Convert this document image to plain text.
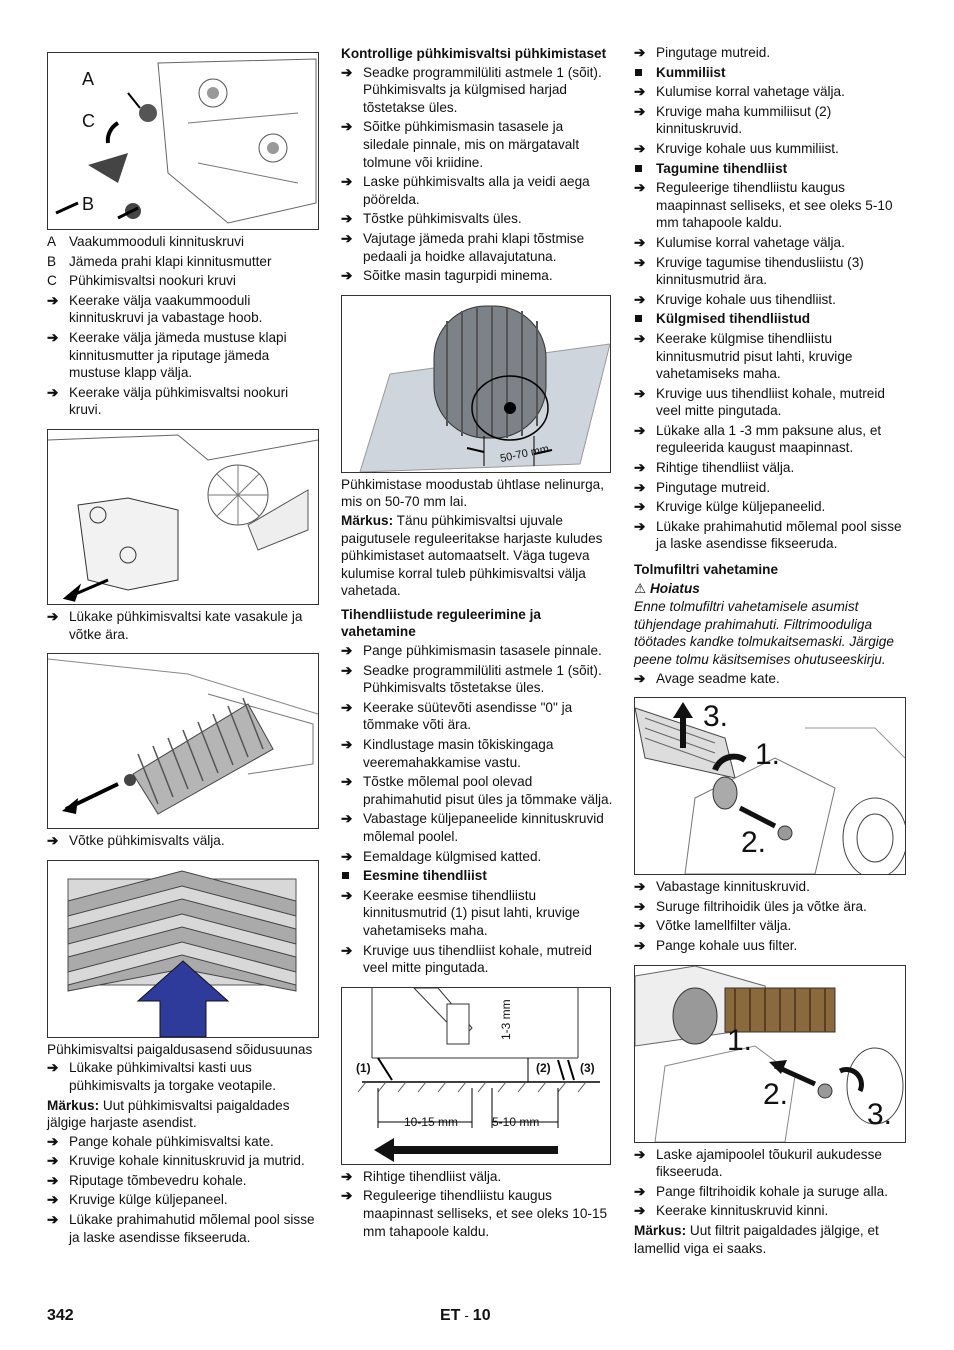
A
C
B
A Vaakummooduli kinnituskruvi
B Jämeda prahi klapi kinnitusmutter
C Pühkimisvaltsi nookuri kruvi
➔ Keerake välja vaakummooduli kinnituskruvi ja vabastage hoob.
➔ Keerake välja jämeda mustuse klapi kinnitusmutter ja riputage jämeda mustuse klapp välja.
➔ Keerake välja pühkimisvaltsi nookuri kruvi.
➔ Lükake pühkimisvaltsi kate vasakule ja võtke ära.
➔ Võtke pühkimisvalts välja.
Pühkimisvaltsi paigaldusasend sõidusuunas
➔ Lükake pühkimivaltsi kasti uus pühkimisvalts ja torgake veotapile.
Märkus: Uut pühkimisvaltsi paigaldades jälgige harjaste asendist.
➔ Pange kohale pühkimisvaltsi kate.
➔ Kruvige kohale kinnituskruvid ja mutrid.
➔ Riputage tõmbevedru kohale.
➔ Kruvige külge küljepaneel.
➔ Lükake prahimahutid mõlemal pool sisse ja laske asendisse fikseeruda.
Kontrollige pühkimisvaltsi pühkimistaset
➔ Seadke programmilüliti astmele 1 (sõit). Pühkimisvalts ja külgmised harjad tõstetakse üles.
➔ Sõitke pühkimismasin tasasele ja siledale pinnale, mis on märgatavalt tolmune või kriidine.
➔ Laske pühkimisvalts alla ja veidi aega pöörelda.
➔ Tõstke pühkimisvalts üles.
➔ Vajutage jämeda prahi klapi tõstmise pedaali ja hoidke allavajutatuna.
➔ Sõitke masin tagurpidi minema.
50-70 mm
Pühkimistase moodustab ühtlase nelinurga, mis on 50-70 mm lai.
Märkus: Tänu pühkimisvaltsi ujuvale paigutusele reguleeritakse harjaste kuludes pühkimistaset automaatselt. Väga tugeva kulumise korral tuleb pühkimisvaltsi välja vahetada.
Tihendliistude reguleerimine ja vahetamine
➔ Pange pühkimismasin tasasele pinnale.
➔ Seadke programmilüliti astmele 1 (sõit). Pühkimisvalts tõstetakse üles.
➔ Keerake süütevõti asendisse "0" ja tõmmake võti ära.
➔ Kindlustage masin tõkiskingaga veeremahakkamise vastu.
➔ Tõstke mõlemal pool olevad prahimahutid pisut üles ja tõmmake välja.
➔ Vabastage küljepaneelide kinnituskruvid mõlemal poolel.
➔ Eemaldage külgmised katted.
Eesmine tihendliist
➔ Keerake eesmise tihendliistu kinnitusmutrid (1) pisut lahti, kruvige vahetamiseks maha.
➔ Kruvige uus tihendliist kohale, mutreid veel mitte pingutada.
(1)	(2) (3)
1-3 mm
10-15 mm	5-10 mm
➔ Rihtige tihendliist välja.
➔ Reguleerige tihendliistu kaugus maapinnast selliseks, et see oleks 10-15 mm tahapoole kaldu.
➔ Pingutage mutreid.
Kummiliist
➔ Kulumise korral vahetage välja.
➔ Kruvige maha kummiliisut (2) kinnituskruvid.
➔ Kruvige kohale uus kummiliist.
Tagumine tihendliist
➔ Reguleerige tihendliistu kaugus maapinnast selliseks, et see oleks 5-10 mm tahapoole kaldu.
➔ Kulumise korral vahetage välja.
➔ Kruvige tagumise tihendusliistu (3) kinnitusmutrid ära.
➔ Kruvige kohale uus tihendliist.
Külgmised tihendliistud
➔ Keerake külgmise tihendliistu kinnitusmutrid pisut lahti, kruvige vahetamiseks maha.
➔ Kruvige uus tihendliist kohale, mutreid veel mitte pingutada.
➔ Lükake alla 1 -3 mm paksune alus, et reguleerida kaugust maapinnast.
➔ Rihtige tihendliist välja.
➔ Pingutage mutreid.
➔ Kruvige külge küljepaneelid.
➔ Lükake prahimahutid mõlemal pool sisse ja laske asendisse fikseeruda.
Tolmufiltri vahetamine
⚠ Hoiatus
Enne tolmufiltri vahetamisele asumist tühjendage prahimahuti. Filtrimooduliga töötades kandke tolmukaitsemaski. Järgige peene tolmu käsitsemises ohutuseeskirju.
➔ Avage seadme kate.
3.
1.
2.
➔ Vabastage kinnituskruvid.
➔ Suruge filtrihoidik üles ja võtke ära.
➔ Võtke lamellfilter välja.
➔ Pange kohale uus filter.
1.
2.
3.
➔ Laske ajamipoolel tõukuril aukudesse fikseeruda.
➔ Pange filtrihoidik kohale ja suruge alla.
➔ Keerake kinnituskruvid kinni.
Märkus: Uut filtrit paigaldades jälgige, et lamellid viga ei saaks.
342	ET - 10
